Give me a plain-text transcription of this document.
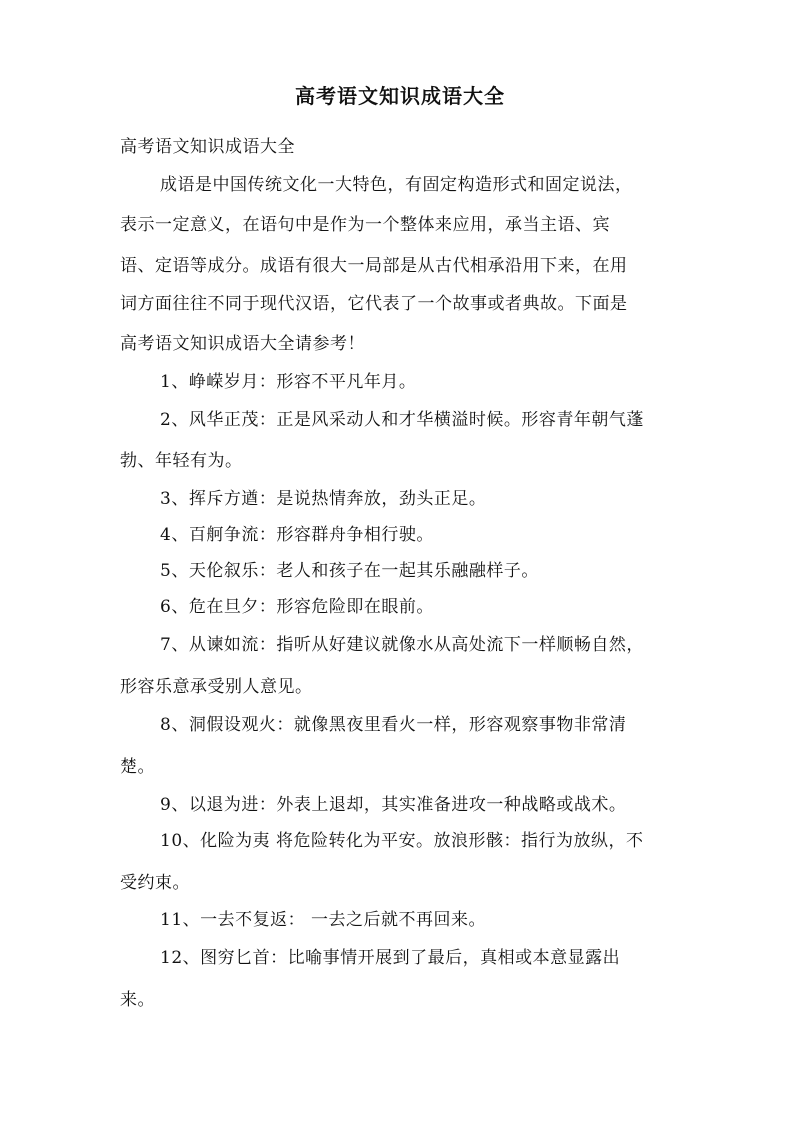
高考语文知识成语大全
高考语文知识成语大全
成语是中国传统文化一大特色，有固定构造形式和固定说法，
表示一定意义，在语句中是作为一个整体来应用，承当主语、宾
语、定语等成分。成语有很大一局部是从古代相承沿用下来，在用
词方面往往不同于现代汉语，它代表了一个故事或者典故。下面是
高考语文知识成语大全请参考！
1、峥嵘岁月：形容不平凡年月。
2、风华正茂：正是风采动人和才华横溢时候。形容青年朝气蓬
勃、年轻有为。
3、挥斥方遒：是说热情奔放，劲头正足。
4、百舸争流：形容群舟争相行驶。
5、天伦叙乐：老人和孩子在一起其乐融融样子。
6、危在旦夕：形容危险即在眼前。
7、从谏如流：指听从好建议就像水从高处流下一样顺畅自然，
形容乐意承受别人意见。
8、洞假设观火：就像黑夜里看火一样，形容观察事物非常清
楚。
9、以退为进：外表上退却，其实准备进攻一种战略或战术。
10、化险为夷 将危险转化为平安。放浪形骸：指行为放纵，不
受约束。
11、一去不复返： 一去之后就不再回来。
12、图穷匕首：比喻事情开展到了最后，真相或本意显露出
来。
